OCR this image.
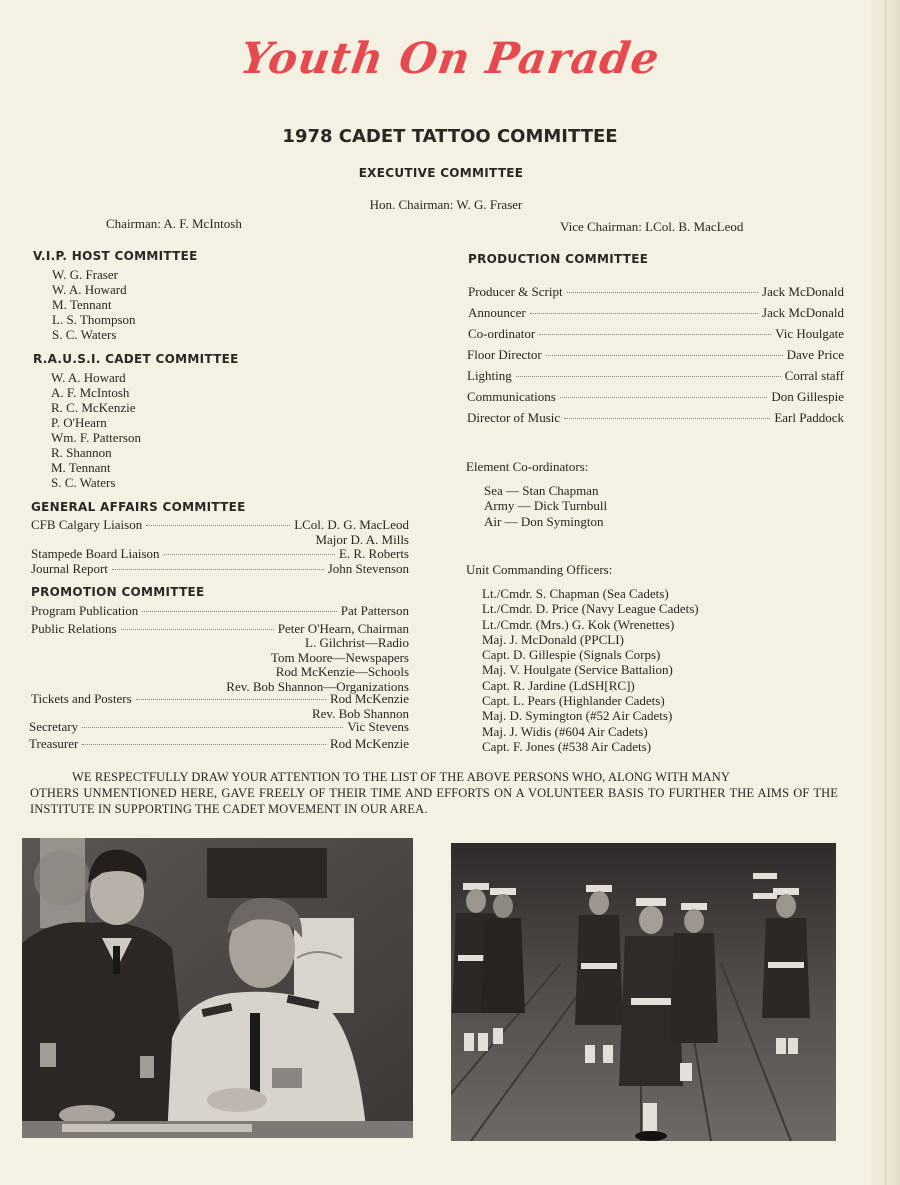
Youth On Parade
1978 CADET TATTOO COMMITTEE
EXECUTIVE COMMITTEE
Hon. Chairman: W. G. Fraser
Chairman: A. F. McIntosh	Vice Chairman: LCol. B. MacLeod
V.I.P. HOST COMMITTEE
W. G. Fraser
W. A. Howard
M. Tennant
L. S. Thompson
S. C. Waters
R.A.U.S.I. CADET COMMITTEE
W. A. Howard
A. F. McIntosh
R. C. McKenzie
P. O'Hearn
Wm. F. Patterson
R. Shannon
M. Tennant
S. C. Waters
GENERAL AFFAIRS COMMITTEE
CFB Calgary Liaison	LCol. D. G. MacLeod
Major D. A. Mills
Stampede Board Liaison	E. R. Roberts
Journal Report	John Stevenson
PROMOTION COMMITTEE
Program Publication	Pat Patterson
Public Relations	Peter O'Hearn, Chairman
L. Gilchrist—Radio
Tom Moore—Newspapers
Rod McKenzie—Schools
Rev. Bob Shannon—Organizations
Tickets and Posters	Rod McKenzie
Rev. Bob Shannon
Secretary	Vic Stevens
Treasurer	Rod McKenzie
PRODUCTION COMMITTEE
Producer & Script	Jack McDonald
Announcer	Jack McDonald
Co-ordinator	Vic Houlgate
Floor Director	Dave Price
Lighting	Corral staff
Communications	Don Gillespie
Director of Music	Earl Paddock
Element Co-ordinators:
Sea — Stan Chapman
Army — Dick Turnbull
Air — Don Symington
Unit Commanding Officers:
Lt./Cmdr. S. Chapman (Sea Cadets)
Lt./Cmdr. D. Price (Navy League Cadets)
Lt./Cmdr. (Mrs.) G. Kok (Wrenettes)
Maj. J. McDonald (PPCLI)
Capt. D. Gillespie (Signals Corps)
Maj. V. Houlgate (Service Battalion)
Capt. R. Jardine (LdSH[RC])
Capt. L. Pears (Highlander Cadets)
Maj. D. Symington (#52 Air Cadets)
Maj. J. Widis (#604 Air Cadets)
Capt. F. Jones (#538 Air Cadets)
WE RESPECTFULLY DRAW YOUR ATTENTION TO THE LIST OF THE ABOVE PERSONS WHO, ALONG WITH MANY
OTHERS UNMENTIONED HERE, GAVE FREELY OF THEIR TIME AND EFFORTS ON A VOLUNTEER BASIS TO FURTHER THE AIMS OF THE INSTITUTE IN SUPPORTING THE CADET MOVEMENT IN OUR AREA.
